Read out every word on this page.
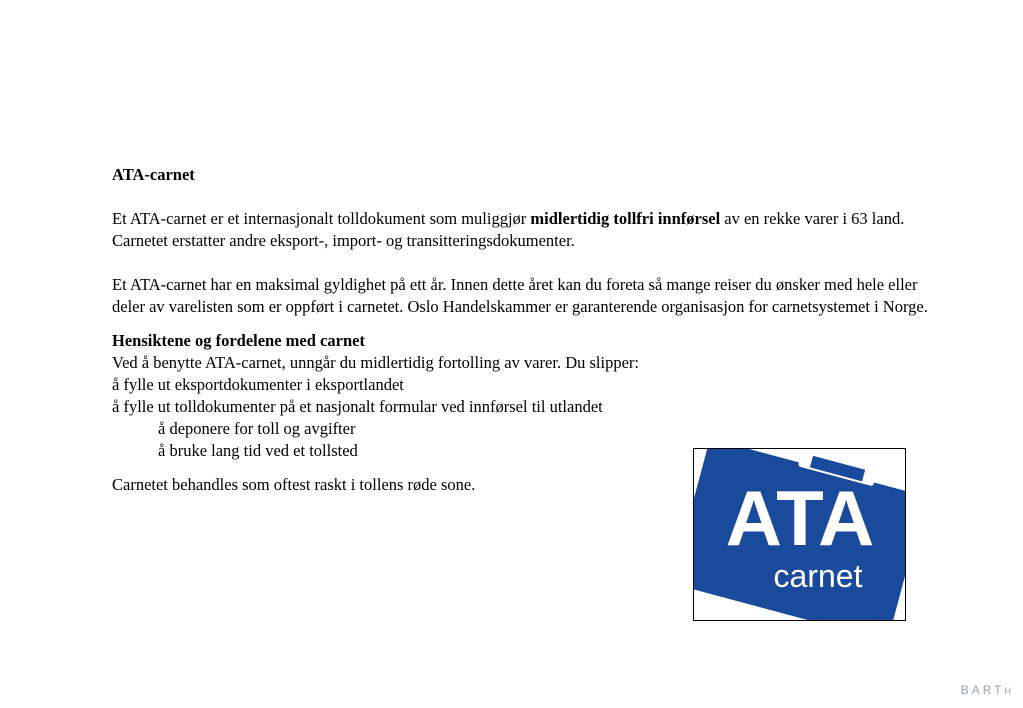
ATA-carnet

Et ATA-carnet er et internasjonalt tolldokument som muliggjør midlertidig tollfri innførsel av en rekke varer i 63 land. Carnetet erstatter andre eksport-, import- og transitteringsdokumenter.

Et ATA-carnet har en maksimal gyldighet på ett år. Innen dette året kan du foreta så mange reiser du ønsker med hele eller deler av varelisten som er oppført i carnetet. Oslo Handelskammer er garanterende organisasjon for carnetsystemet i Norge.

Hensiktene og fordelene med carnet

Ved å benytte ATA-carnet, unngår du midlertidig fortolling av varer. Du slipper:

å fylle ut eksportdokumenter i eksportlandet

å fylle ut tolldokumenter på et nasjonalt formular ved innførsel til utlandet

å deponere for toll og avgifter

å bruke lang tid ved et tollsted

Carnetet behandles som oftest raskt i tollens røde sone.	ATA
carnet
BARTH
